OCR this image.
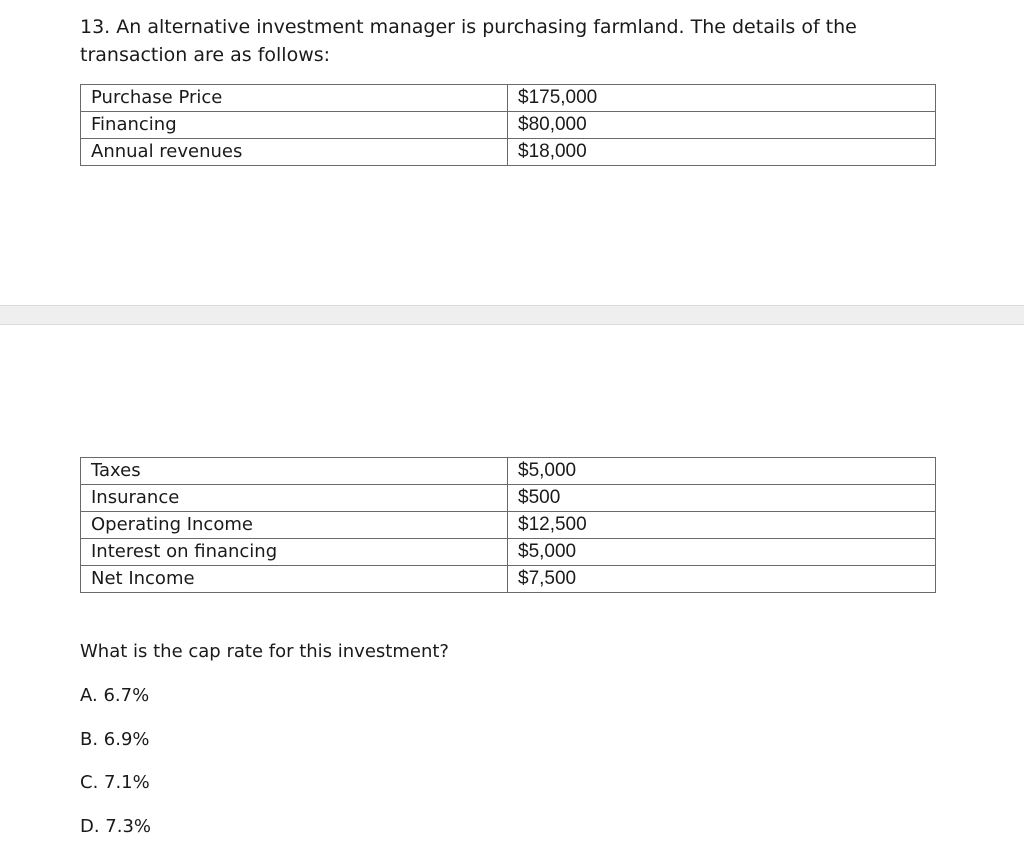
13. An alternative investment manager is purchasing farmland. The details of the transaction are as follows:

Purchase Price	$175,000
Financing	$80,000
Annual revenues	$18,000
Taxes	$5,000
Insurance	$500
Operating Income	$12,500
Interest on financing	$5,000
Net Income	$7,500

What is the cap rate for this investment?

A. 6.7%
B. 6.9%
C. 7.1%
D. 7.3%
